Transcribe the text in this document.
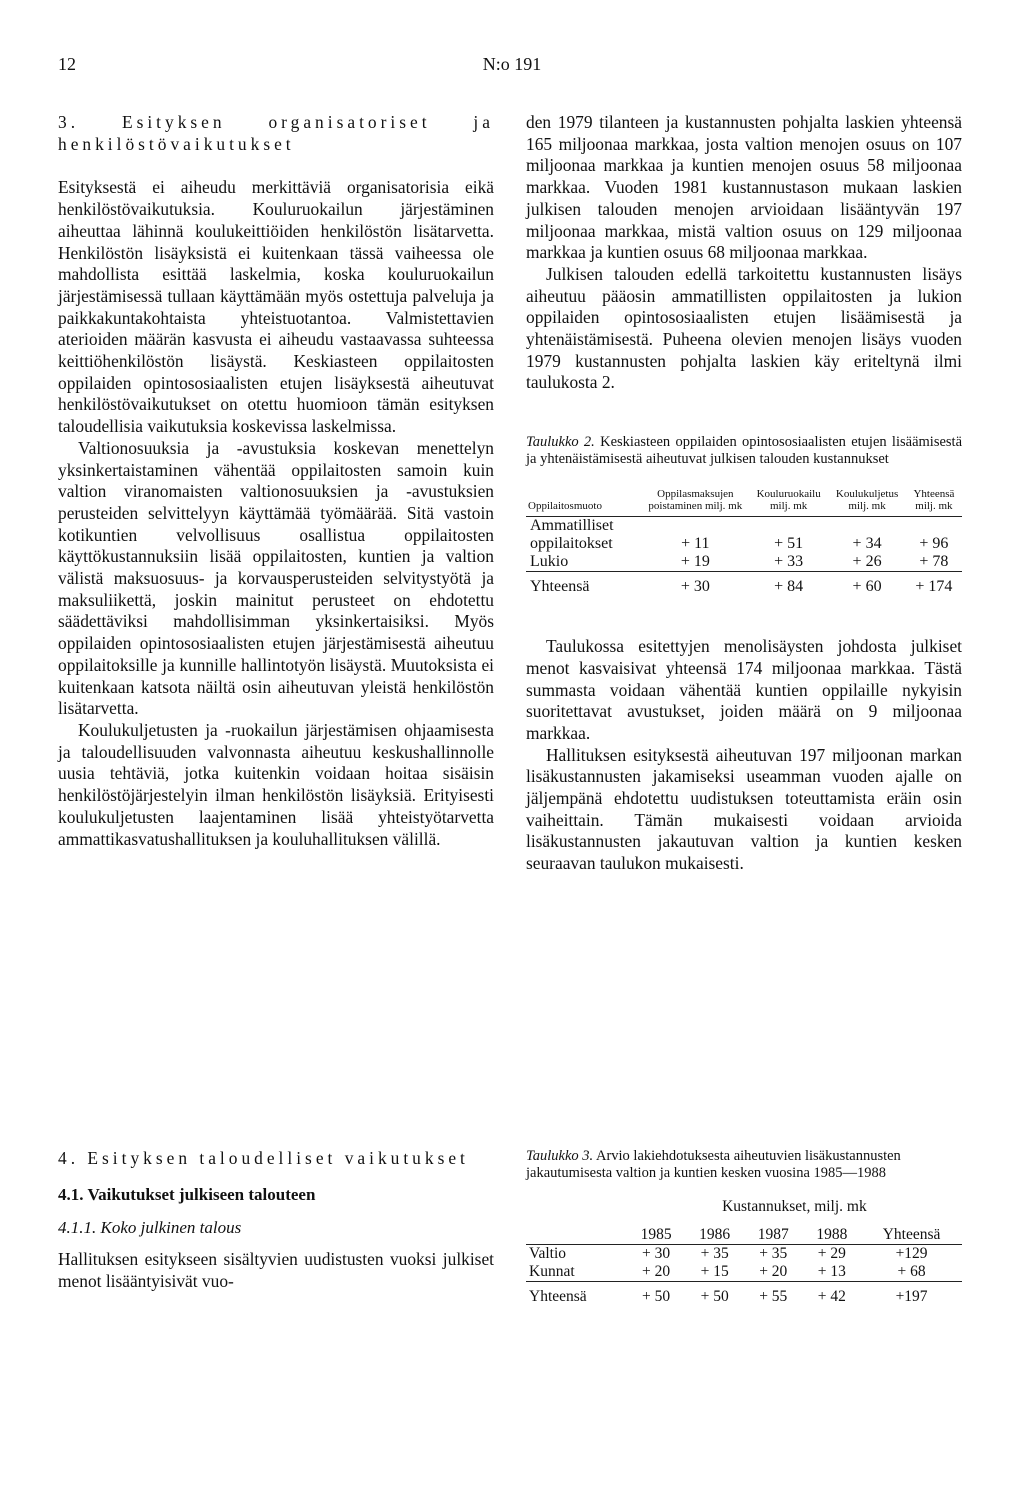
12	N:o 191

3. Esityksen organisatoriset ja henkilöstövaikutukset

Esityksestä ei aiheudu merkittäviä organisatorisia eikä henkilöstövaikutuksia. Kouluruokailun järjestäminen aiheuttaa lähinnä koulukeittiöiden henkilöstön lisätarvetta. Henkilöstön lisäyksistä ei kuitenkaan tässä vaiheessa ole mahdollista esittää laskelmia, koska kouluruokailun järjestämisessä tullaan käyttämään myös ostettuja palveluja ja paikkakuntakohtaista yhteistuotantoa. Valmistettavien aterioiden määrän kasvusta ei aiheudu vastaavassa suhteessa keittiöhenkilöstön lisäystä. Keskiasteen oppilaitosten oppilaiden opintososiaalisten etujen lisäyksestä aiheutuvat henkilöstövaikutukset on otettu huomioon tämän esityksen taloudellisia vaikutuksia koskevissa laskelmissa.

Valtionosuuksia ja -avustuksia koskevan menettelyn yksinkertaistaminen vähentää oppilaitosten samoin kuin valtion viranomaisten valtionosuuksien ja -avustuksien perusteiden selvittelyyn käyttämää työmäärää. Sitä vastoin kotikuntien velvollisuus osallistua oppilaitosten käyttökustannuksiin lisää oppilaitosten, kuntien ja valtion välistä maksuosuus- ja korvausperusteiden selvitystyötä ja maksuliikettä, joskin mainitut perusteet on ehdotettu säädettäviksi mahdollisimman yksinkertaisiksi. Myös oppilaiden opintososiaalisten etujen järjestämisestä aiheutuu oppilaitoksille ja kunnille hallintotyön lisäystä. Muutoksista ei kuitenkaan katsota näiltä osin aiheutuvan yleistä henkilöstön lisätarvetta.

Koulukuljetusten ja -ruokailun järjestämisen ohjaamisesta ja taloudellisuuden valvonnasta aiheutuu keskushallinnolle uusia tehtäviä, jotka kuitenkin voidaan hoitaa sisäisin henkilöstöjärjestelyin ilman henkilöstön lisäyksiä. Erityisesti koulukuljetusten laajentaminen lisää yhteistyötarvetta ammattikasvatushallituksen ja kouluhallituksen välillä.

den 1979 tilanteen ja kustannusten pohjalta laskien yhteensä 165 miljoonaa markkaa, josta valtion menojen osuus on 107 miljoonaa markkaa ja kuntien menojen osuus 58 miljoonaa markkaa. Vuoden 1981 kustannustason mukaan laskien julkisen talouden menojen arvioidaan lisääntyvän 197 miljoonaa markkaa, mistä valtion osuus on 129 miljoonaa markkaa ja kuntien osuus 68 miljoonaa markkaa.

Julkisen talouden edellä tarkoitettu kustannusten lisäys aiheutuu pääosin ammatillisten oppilaitosten ja lukion oppilaiden opintososiaalisten etujen lisäämisestä ja yhtenäistämisestä. Puheena olevien menojen lisäys vuoden 1979 kustannusten pohjalta laskien käy eriteltynä ilmi taulukosta 2.

Taulukko 2. Keskiasteen oppilaiden opintososiaalisten etujen lisäämisestä ja yhtenäistämisestä aiheutuvat julkisen talouden kustannukset

Oppilaitosmuoto	Oppilasmaksujen poistaminen milj. mk	Kouluruokailu milj. mk	Koulukuljetus milj. mk	Yhteensä milj. mk
Ammatilliset oppilaitokset	+ 11	+ 51	+ 34	+ 96
Lukio	+ 19	+ 33	+ 26	+ 78
Yhteensä	+ 30	+ 84	+ 60	+ 174

Taulukossa esitettyjen menolisäysten johdosta julkiset menot kasvaisivat yhteensä 174 miljoonaa markkaa. Tästä summasta voidaan vähentää kuntien oppilaille nykyisin suoritettavat avustukset, joiden määrä on 9 miljoonaa markkaa.

Hallituksen esityksestä aiheutuvan 197 miljoonan markan lisäkustannusten jakamiseksi useamman vuoden ajalle on jäljempänä ehdotettu uudistuksen toteuttamista eräin osin vaiheittain. Tämän mukaisesti voidaan arvioida lisäkustannusten jakautuvan valtion ja kuntien kesken seuraavan taulukon mukaisesti.

4. Esityksen taloudelliset vaikutukset

4.1. Vaikutukset julkiseen talouteen

4.1.1. Koko julkinen talous

Hallituksen esitykseen sisältyvien uudistusten vuoksi julkiset menot lisääntyisivät vuo-

Taulukko 3. Arvio lakiehdotuksesta aiheutuvien lisäkustannusten jakautumisesta valtion ja kuntien kesken vuosina 1985—1988

	Kustannukset, milj. mk				
	1985	1986	1987	1988	Yhteensä
Valtio	+ 30	+ 35	+ 35	+ 29	+129
Kunnat	+ 20	+ 15	+ 20	+ 13	+ 68
Yhteensä	+ 50	+ 50	+ 55	+ 42	+197
